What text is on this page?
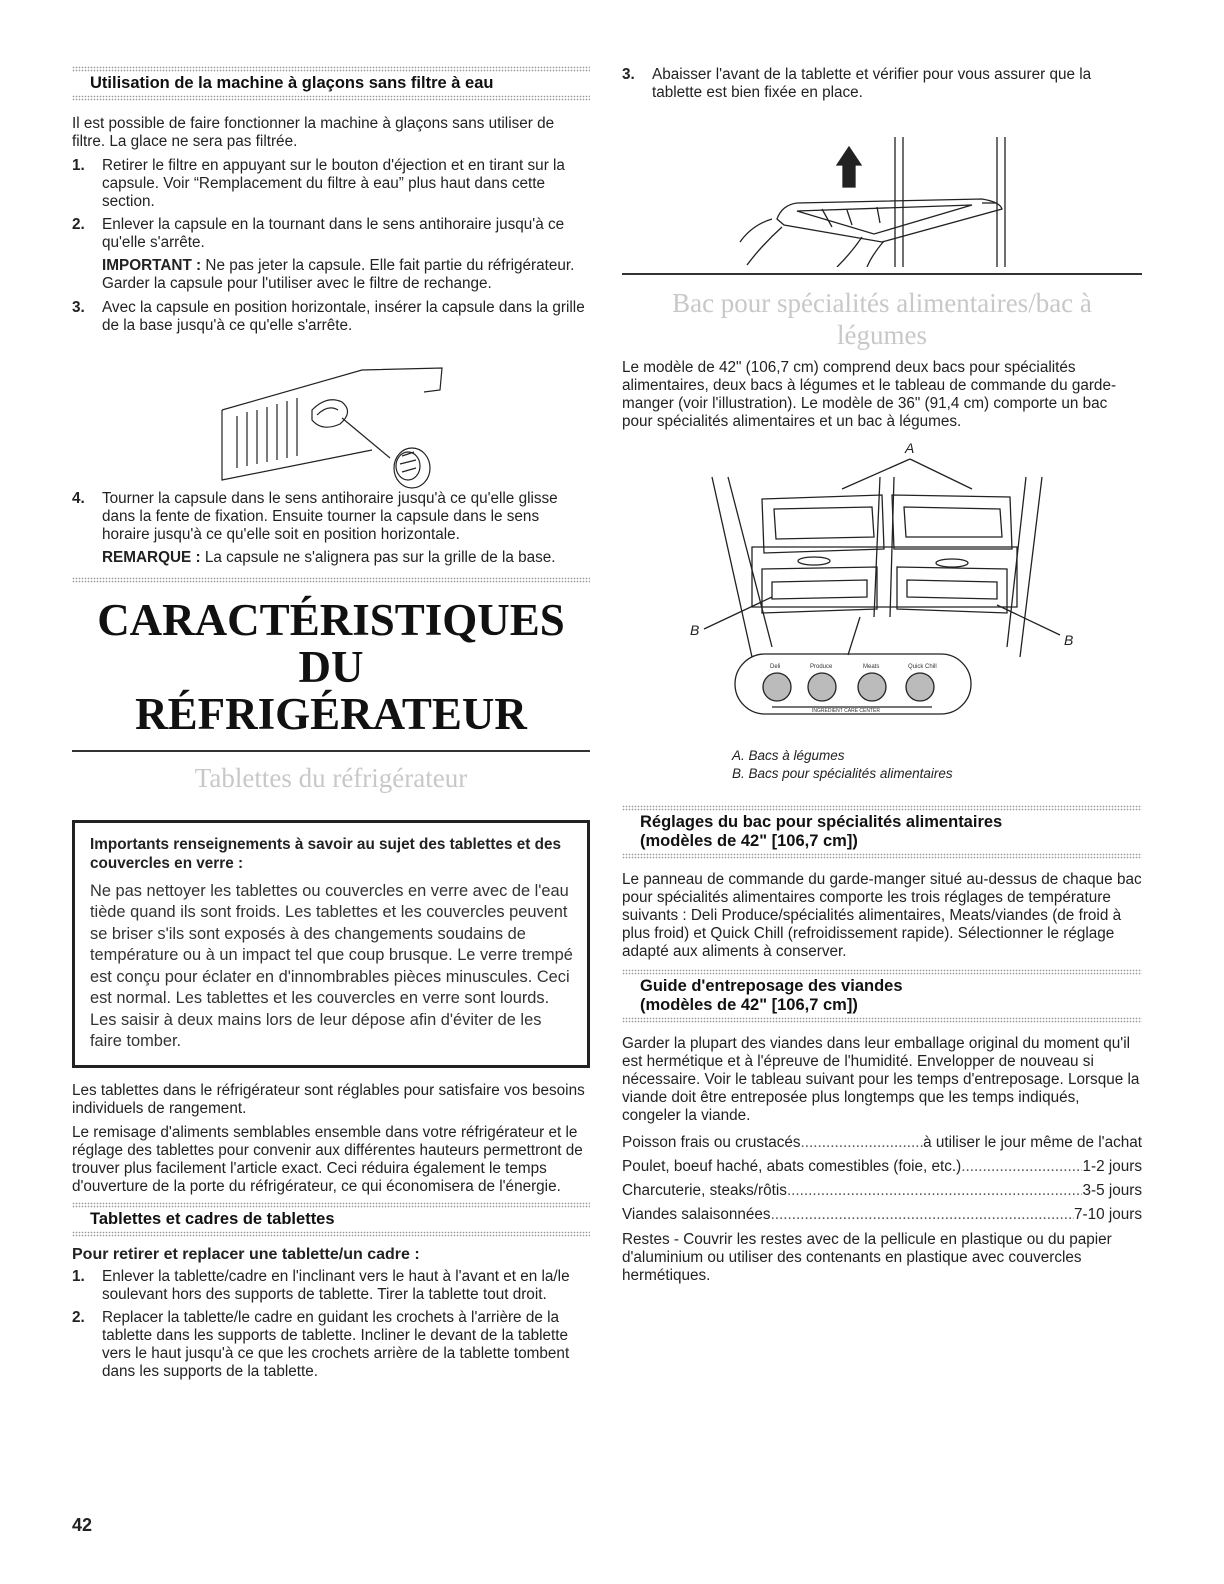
Utilisation de la machine à glaçons sans filtre à eau

Il est possible de faire fonctionner la machine à glaçons sans utiliser de filtre. La glace ne sera pas filtrée.

1. Retirer le filtre en appuyant sur le bouton d'éjection et en tirant sur la capsule. Voir “Remplacement du filtre à eau” plus haut dans cette section.
2. Enlever la capsule en la tournant dans le sens antihoraire jusqu'à ce qu'elle s'arrête.

IMPORTANT : Ne pas jeter la capsule. Elle fait partie du réfrigérateur. Garder la capsule pour l'utiliser avec le filtre de rechange.

3. Avec la capsule en position horizontale, insérer la capsule dans la grille de la base jusqu'à ce qu'elle s'arrête.
4. Tourner la capsule dans le sens antihoraire jusqu'à ce qu'elle glisse dans la fente de fixation. Ensuite tourner la capsule dans le sens horaire jusqu'à ce qu'elle soit en position horizontale.

REMARQUE : La capsule ne s'alignera pas sur la grille de la base.

CARACTÉRISTIQUES DU
RÉFRIGÉRATEUR
Tablettes du réfrigérateur
Importants renseignements à savoir au sujet des tablettes et des couvercles en verre :
Ne pas nettoyer les tablettes ou couvercles en verre avec de l'eau tiède quand ils sont froids. Les tablettes et les couvercles peuvent se briser s'ils sont exposés à des changements soudains de température ou à un impact tel que coup brusque. Le verre trempé est conçu pour éclater en d'innombrables pièces minuscules. Ceci est normal. Les tablettes et les couvercles en verre sont lourds. Les saisir à deux mains lors de leur dépose afin d'éviter de les faire tomber.

Les tablettes dans le réfrigérateur sont réglables pour satisfaire vos besoins individuels de rangement.

Le remisage d'aliments semblables ensemble dans votre réfrigérateur et le réglage des tablettes pour convenir aux différentes hauteurs permettront de trouver plus facilement l'article exact. Ceci réduira également le temps d'ouverture de la porte du réfrigérateur, ce qui économisera de l'énergie.

Tablettes et cadres de tablettes
Pour retirer et replacer une tablette/un cadre :
1. Enlever la tablette/cadre en l'inclinant vers le haut à l'avant et en la/le soulevant hors des supports de tablette. Tirer la tablette tout droit.
2. Replacer la tablette/le cadre en guidant les crochets à l'arrière de la tablette dans les supports de tablette. Incliner le devant de la tablette vers le haut jusqu'à ce que les crochets arrière de la tablette tombent dans les supports de la tablette.
3. Abaisser l'avant de la tablette et vérifier pour vous assurer que la tablette est bien fixée en place.
Bac pour spécialités alimentaires/bac à légumes

Le modèle de 42" (106,7 cm) comprend deux bacs pour spécialités alimentaires, deux bacs à légumes et le tableau de commande du garde-manger (voir l'illustration). Le modèle de 36" (91,4 cm) comporte un bac pour spécialités alimentaires et un bac à légumes.

A
B
B
Deli	Produce	Meats	Quick Chill
INGREDIENT CARE CENTER
A. Bacs à légumes
B. Bacs pour spécialités alimentaires
Réglages du bac pour spécialités alimentaires
(modèles de 42" [106,7 cm])

Le panneau de commande du garde-manger situé au-dessus de chaque bac pour spécialités alimentaires comporte les trois réglages de température suivants : Deli Produce/spécialités alimentaires, Meats/viandes (de froid à plus froid) et Quick Chill (refroidissement rapide). Sélectionner le réglage adapté aux aliments à conserver.

Guide d'entreposage des viandes
(modèles de 42" [106,7 cm])

Garder la plupart des viandes dans leur emballage original du moment qu'il est hermétique et à l'épreuve de l'humidité. Envelopper de nouveau si nécessaire. Voir le tableau suivant pour les temps d'entreposage. Lorsque la viande doit être entreposée plus longtemps que les temps indiqués, congeler la viande.

Poisson frais ou crustacés .....	à utiliser le jour même de l'achat
Poulet, boeuf haché, abats comestibles (foie, etc.) .....	1-2 jours
Charcuterie, steaks/rôtis .....	3-5 jours
Viandes salaisonnées .....	7-10 jours

Restes - Couvrir les restes avec de la pellicule en plastique ou du papier d'aluminium ou utiliser des contenants en plastique avec couvercles hermétiques.

42
